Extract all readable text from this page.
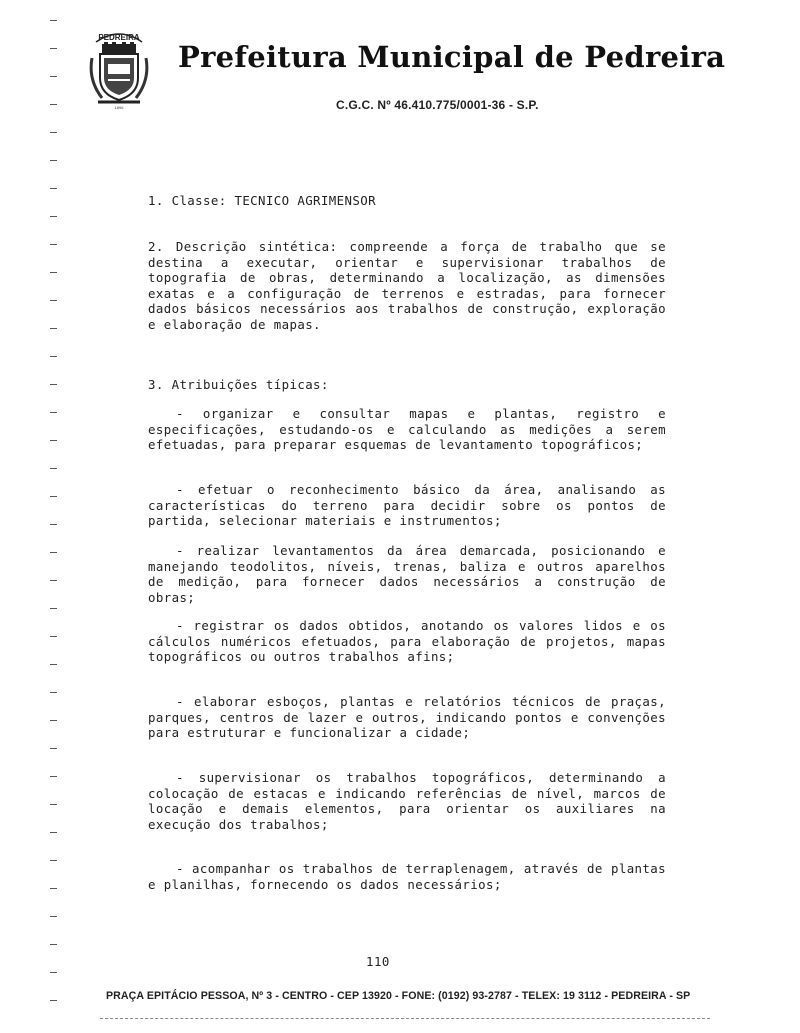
PEDREIRA
1896
Prefeitura Municipal de Pedreira
C.G.C. Nº 46.410.775/0001-36 - S.P.
1. Classe: TECNICO AGRIMENSOR
2. Descrição sintética: compreende a força de trabalho que se destina a executar, orientar e supervisionar trabalhos de topografia de obras, determinando a localização, as dimensões exatas e a configuração de terrenos e estradas, para fornecer dados básicos necessários aos trabalhos de construção, exploração e elaboração de mapas.
3. Atribuições típicas:
- organizar e consultar mapas e plantas, registro e especificações, estudando-os e calculando as medições a serem efetuadas, para preparar esquemas de levantamento topográficos;
- efetuar o reconhecimento básico da área, analisando as características do terreno para decidir sobre os pontos de partida, selecionar materiais e instrumentos;
- realizar levantamentos da área demarcada, posicionando e manejando teodolitos, níveis, trenas, baliza e outros aparelhos de medição, para fornecer dados necessários a construção de obras;
- registrar os dados obtidos, anotando os valores lidos e os cálculos numéricos efetuados, para elaboração de projetos, mapas topográficos ou outros trabalhos afins;
- elaborar esboços, plantas e relatórios técnicos de praças, parques, centros de lazer e outros, indicando pontos e convenções para estruturar e funcionalizar a cidade;
- supervisionar os trabalhos topográficos, determinando a colocação de estacas e indicando referências de nível, marcos de locação e demais elementos, para orientar os auxiliares na execução dos trabalhos;
- acompanhar os trabalhos de terraplenagem, através de plantas e planilhas, fornecendo os dados necessários;
110
PRAÇA EPITÁCIO PESSOA, Nº 3 - CENTRO - CEP 13920 - FONE: (0192) 93-2787 - TELEX: 19 3112 - PEDREIRA - SP
